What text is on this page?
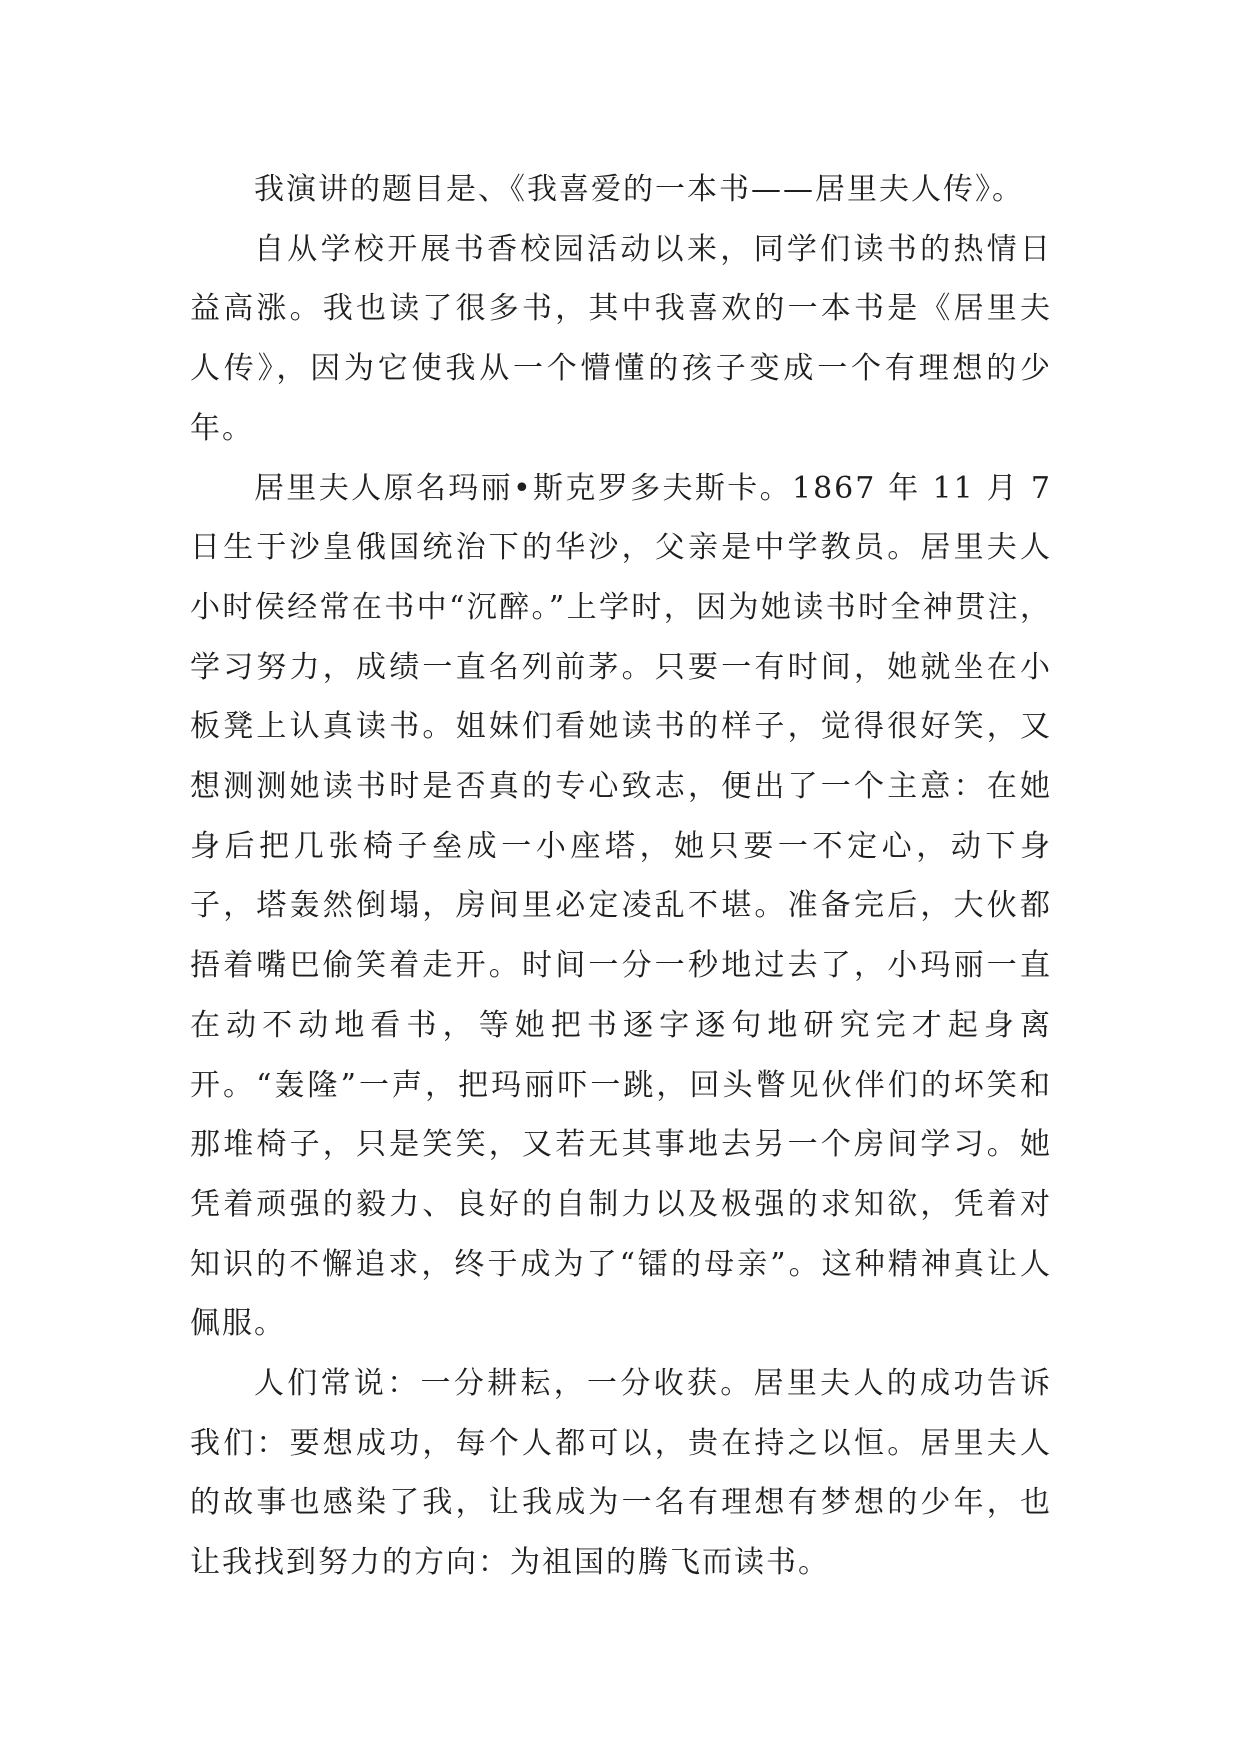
我演讲的题目是、《我喜爱的一本书——居里夫人传》。

自从学校开展书香校园活动以来，同学们读书的热情日益高涨。我也读了很多书，其中我喜欢的一本书是《居里夫人传》，因为它使我从一个懵懂的孩子变成一个有理想的少年。

居里夫人原名玛丽•斯克罗多夫斯卡。1867 年 11 月 7 日生于沙皇俄国统治下的华沙，父亲是中学教员。居里夫人小时侯经常在书中“沉醉。”上学时，因为她读书时全神贯注，学习努力，成绩一直名列前茅。只要一有时间，她就坐在小板凳上认真读书。姐妹们看她读书的样子，觉得很好笑，又想测测她读书时是否真的专心致志，便出了一个主意：在她身后把几张椅子垒成一小座塔，她只要一不定心，动下身子，塔轰然倒塌，房间里必定凌乱不堪。准备完后，大伙都捂着嘴巴偷笑着走开。时间一分一秒地过去了，小玛丽一直在动不动地看书，等她把书逐字逐句地研究完才起身离开。“轰隆”一声，把玛丽吓一跳，回头瞥见伙伴们的坏笑和那堆椅子，只是笑笑，又若无其事地去另一个房间学习。她凭着顽强的毅力、良好的自制力以及极强的求知欲，凭着对知识的不懈追求，终于成为了“镭的母亲”。这种精神真让人佩服。

人们常说：一分耕耘，一分收获。居里夫人的成功告诉我们：要想成功，每个人都可以，贵在持之以恒。居里夫人的故事也感染了我，让我成为一名有理想有梦想的少年，也让我找到努力的方向：为祖国的腾飞而读书。
